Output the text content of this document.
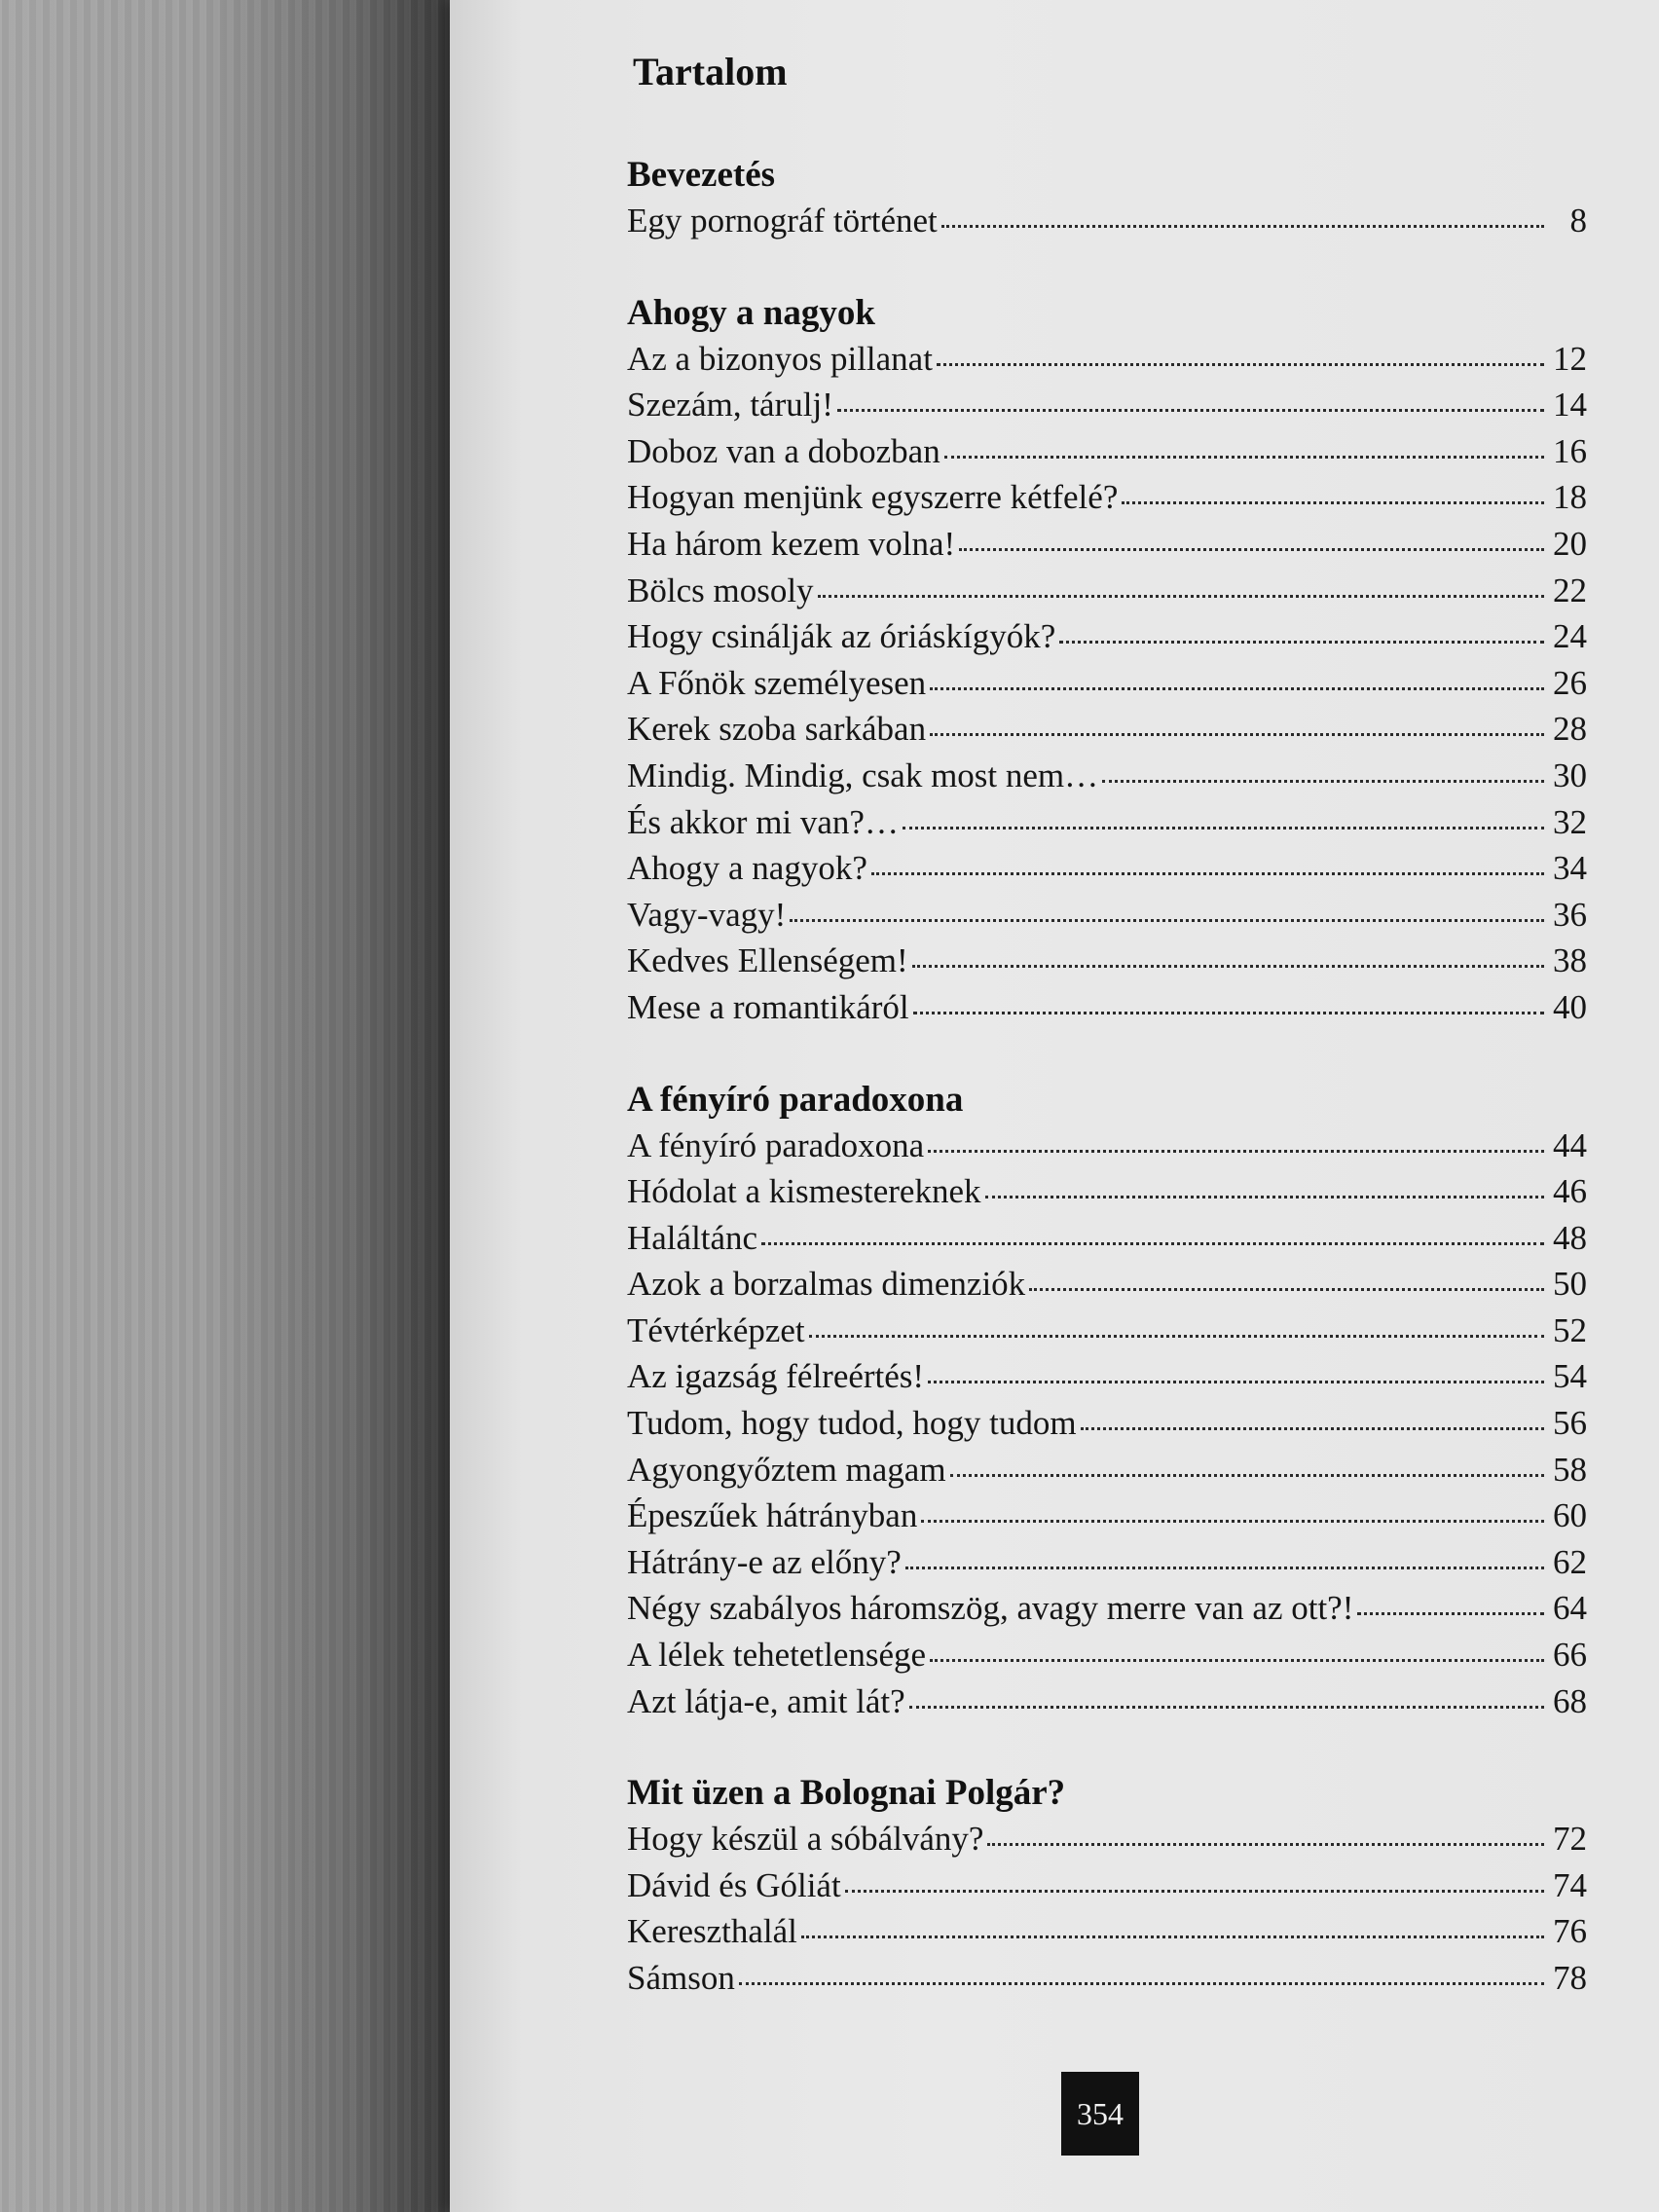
Tartalom
Bevezetés
Egy pornográf történet	8
Ahogy a nagyok
Az a bizonyos pillanat	12
Szezám, tárulj!	14
Doboz van a dobozban	16
Hogyan menjünk egyszerre kétfelé?	18
Ha három kezem volna!	20
Bölcs mosoly	22
Hogy csinálják az óriáskígyók?	24
A Főnök személyesen	26
Kerek szoba sarkában	28
Mindig. Mindig, csak most nem…	30
És akkor mi van?…	32
Ahogy a nagyok?	34
Vagy-vagy!	36
Kedves Ellenségem!	38
Mese a romantikáról	40
A fényíró paradoxona
A fényíró paradoxona	44
Hódolat a kismestereknek	46
Haláltánc	48
Azok a borzalmas dimenziók	50
Tévtérképzet	52
Az igazság félreértés!	54
Tudom, hogy tudod, hogy tudom	56
Agyongyőztem magam	58
Épeszűek hátrányban	60
Hátrány-e az előny?	62
Négy szabályos háromszög, avagy merre van az ott?!	64
A lélek tehetetlensége	66
Azt látja-e, amit lát?	68
Mit üzen a Bolognai Polgár?
Hogy készül a sóbálvány?	72
Dávid és Góliát	74
Kereszthalál	76
Sámson	78
354
